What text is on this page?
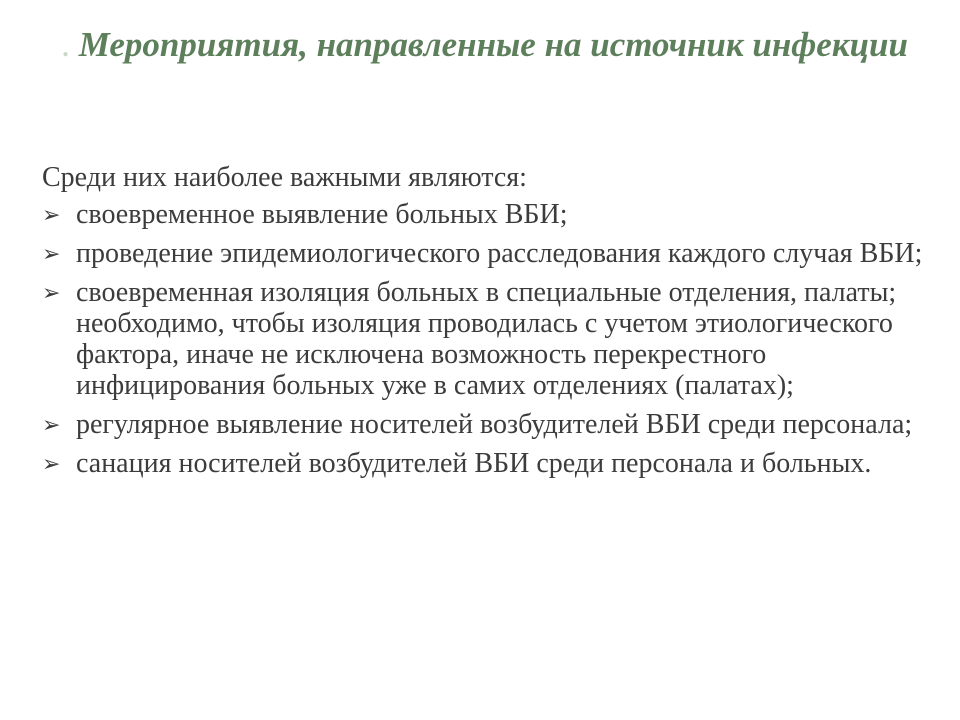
. Мероприятия, направленные на источник инфекции

Среди них наиболее важными являются:

➢ своевременное выявление больных ВБИ;
➢ проведение эпидемиологического расследования каждого случая ВБИ;
➢ своевременная изоляция больных в специальные отделения, палаты; необходимо, чтобы изоляция проводилась с учетом этиологического фактора, иначе не исключена возможность перекрестного инфицирования больных уже в самих отделениях (палатах);
➢ регулярное выявление носителей возбудителей ВБИ среди персонала;
➢ санация носителей возбудителей ВБИ среди персонала и больных.
